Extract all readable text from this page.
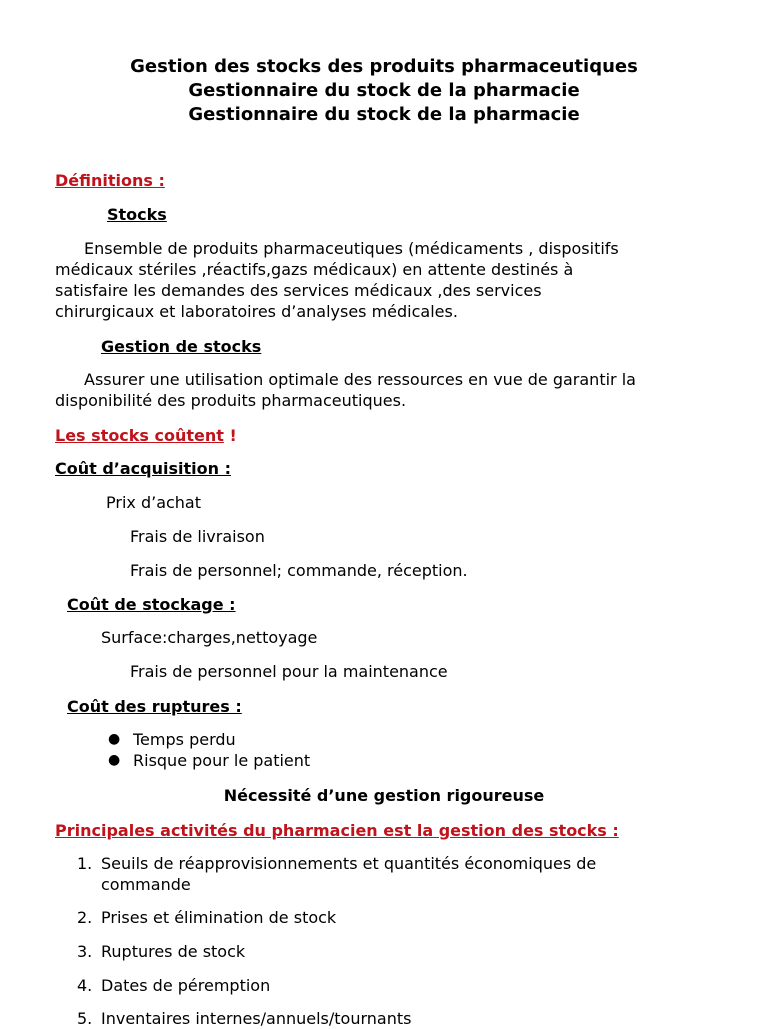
Gestion des stocks des produits pharmaceutiques
Gestionnaire du stock de la pharmacie
Gestionnaire du stock de la pharmacie
Définitions :
Stocks
Ensemble de produits pharmaceutiques (médicaments , dispositifs
médicaux stériles ,réactifs,gazs médicaux) en attente destinés à
satisfaire les demandes des services médicaux ,des services
chirurgicaux et laboratoires d’analyses médicales.
Gestion de stocks
Assurer une utilisation optimale des ressources en vue de garantir la
disponibilité des produits pharmaceutiques.
Les stocks coûtent !
Coût d’acquisition :
Prix d’achat
Frais de livraison
Frais de personnel; commande, réception.
Coût de stockage :
Surface:charges,nettoyage
Frais de personnel pour la maintenance
Coût des ruptures :
● Temps perdu
● Risque pour le patient
Nécessité d’une gestion rigoureuse
Principales activités du pharmacien est la gestion des stocks :
1. Seuils de réapprovisionnements et quantités économiques de
commande
2. Prises et élimination de stock
3. Ruptures de stock
4. Dates de péremption
5. Inventaires internes/annuels/tournants
